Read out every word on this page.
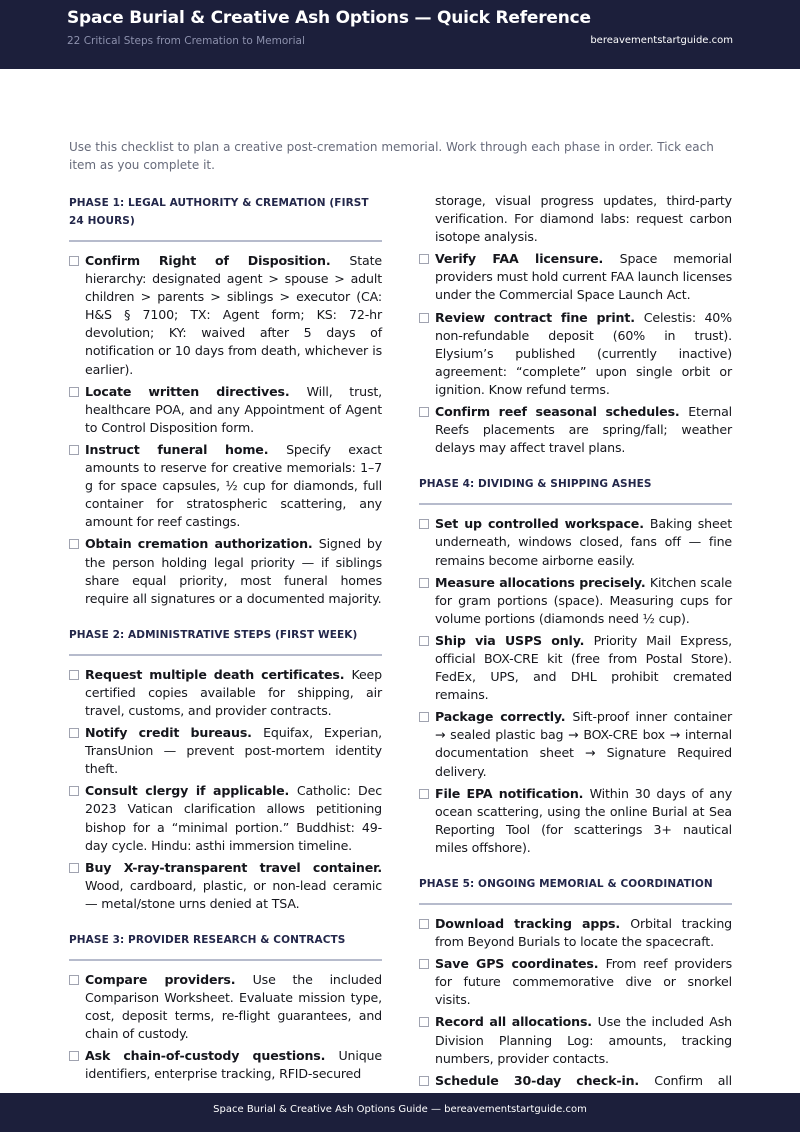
Space Burial & Creative Ash Options — Quick Reference
22 Critical Steps from Cremation to Memorial	bereavementstartguide.com
Use this checklist to plan a creative post-cremation memorial. Work through each phase in order. Tick each item as you complete it.
PHASE 1: LEGAL AUTHORITY & CREMATION (FIRST 24 HOURS)
Confirm Right of Disposition. State hierarchy: designated agent > spouse > adult children > parents > siblings > executor (CA: H&S § 7100; TX: Agent form; KS: 72-hr devolution; KY: waived after 5 days of notification or 10 days from death, whichever is earlier).
Locate written directives. Will, trust, healthcare POA, and any Appointment of Agent to Control Disposition form.
Instruct funeral home. Specify exact amounts to reserve for creative memorials: 1–7 g for space capsules, ½ cup for diamonds, full container for stratospheric scattering, any amount for reef castings.
Obtain cremation authorization. Signed by the person holding legal priority — if siblings share equal priority, most funeral homes require all signatures or a documented majority.
PHASE 2: ADMINISTRATIVE STEPS (FIRST WEEK)
Request multiple death certificates. Keep certified copies available for shipping, air travel, customs, and provider contracts.
Notify credit bureaus. Equifax, Experian, TransUnion — prevent post-mortem identity theft.
Consult clergy if applicable. Catholic: Dec 2023 Vatican clarification allows petitioning bishop for a “minimal portion.” Buddhist: 49-day cycle. Hindu: asthi immersion timeline.
Buy X-ray-transparent travel container. Wood, cardboard, plastic, or non-lead ceramic — metal/stone urns denied at TSA.
PHASE 3: PROVIDER RESEARCH & CONTRACTS
Compare providers. Use the included Comparison Worksheet. Evaluate mission type, cost, deposit terms, re-flight guarantees, and chain of custody.
Ask chain-of-custody questions. Unique identifiers, enterprise tracking, RFID-secured
storage, visual progress updates, third-party verification. For diamond labs: request carbon isotope analysis.
Verify FAA licensure. Space memorial providers must hold current FAA launch licenses under the Commercial Space Launch Act.
Review contract fine print. Celestis: 40% non-refundable deposit (60% in trust). Elysium’s published (currently inactive) agreement: “complete” upon single orbit or ignition. Know refund terms.
Confirm reef seasonal schedules. Eternal Reefs placements are spring/fall; weather delays may affect travel plans.
PHASE 4: DIVIDING & SHIPPING ASHES
Set up controlled workspace. Baking sheet underneath, windows closed, fans off — fine remains become airborne easily.
Measure allocations precisely. Kitchen scale for gram portions (space). Measuring cups for volume portions (diamonds need ½ cup).
Ship via USPS only. Priority Mail Express, official BOX-CRE kit (free from Postal Store). FedEx, UPS, and DHL prohibit cremated remains.
Package correctly. Sift-proof inner container → sealed plastic bag → BOX-CRE box → internal documentation sheet → Signature Required delivery.
File EPA notification. Within 30 days of any ocean scattering, using the online Burial at Sea Reporting Tool (for scatterings 3+ nautical miles offshore).
PHASE 5: ONGOING MEMORIAL & COORDINATION
Download tracking apps. Orbital tracking from Beyond Burials to locate the spacecraft.
Save GPS coordinates. From reef providers for future commemorative dive or snorkel visits.
Record all allocations. Use the included Ash Division Planning Log: amounts, tracking numbers, provider contacts.
Schedule 30-day check-in. Confirm all
Space Burial & Creative Ash Options Guide — bereavementstartguide.com
